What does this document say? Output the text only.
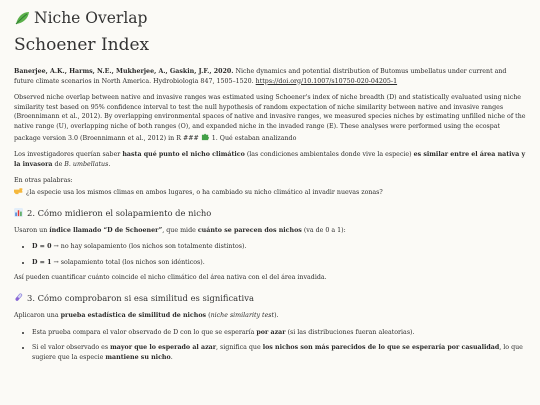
Niche Overlap
Schoener Index

Banerjee, A.K., Harms, N.E., Mukherjee, A., Gaskin, J.F., 2020. Niche dynamics and potential distribution of Butomus umbellatus under current and future climate scenarios in North America. Hydrobiologia 847, 1505–1520. https://doi.org/10.1007/s10750-020-04205-1

Observed niche overlap between native and invasive ranges was estimated using Schoener's index of niche breadth (D) and statistically evaluated using niche similarity test based on 95% confidence interval to test the null hypothesis of random expectation of niche similarity between native and invasive ranges (Broennimann et al., 2012). By overlapping environmental spaces of native and invasive ranges, we measured species niches by estimating unfilled niche of the native range (U), overlapping niche of both ranges (O), and expanded niche in the invaded range (E). These analyses were performed using the ecospat package version 3.0 (Broennimann et al., 2012) in R ###  1. Qué estaban analizando

Los investigadores querían saber hasta qué punto el nicho climático (las condiciones ambientales donde vive la especie) es similar entre el área nativa y la invasora de B. umbellatus.

En otras palabras:
¿la especie usa los mismos climas en ambos lugares, o ha cambiado su nicho climático al invadir nuevas zonas?

2. Cómo midieron el solapamiento de nicho

Usaron un índice llamado “D de Schoener”, que mide cuánto se parecen dos nichos (va de 0 a 1):

• D = 0 → no hay solapamiento (los nichos son totalmente distintos).
• D = 1 → solapamiento total (los nichos son idénticos).

Así pueden cuantificar cuánto coincide el nicho climático del área nativa con el del área invadida.

3. Cómo comprobaron si esa similitud es significativa

Aplicaron una prueba estadística de similitud de nichos (niche similarity test).

• Esta prueba compara el valor observado de D con lo que se esperaría por azar (si las distribuciones fueran aleatorias).
• Si el valor observado es mayor que lo esperado al azar, significa que los nichos son más parecidos de lo que se esperaría por casualidad, lo que sugiere que la especie mantiene su nicho.
